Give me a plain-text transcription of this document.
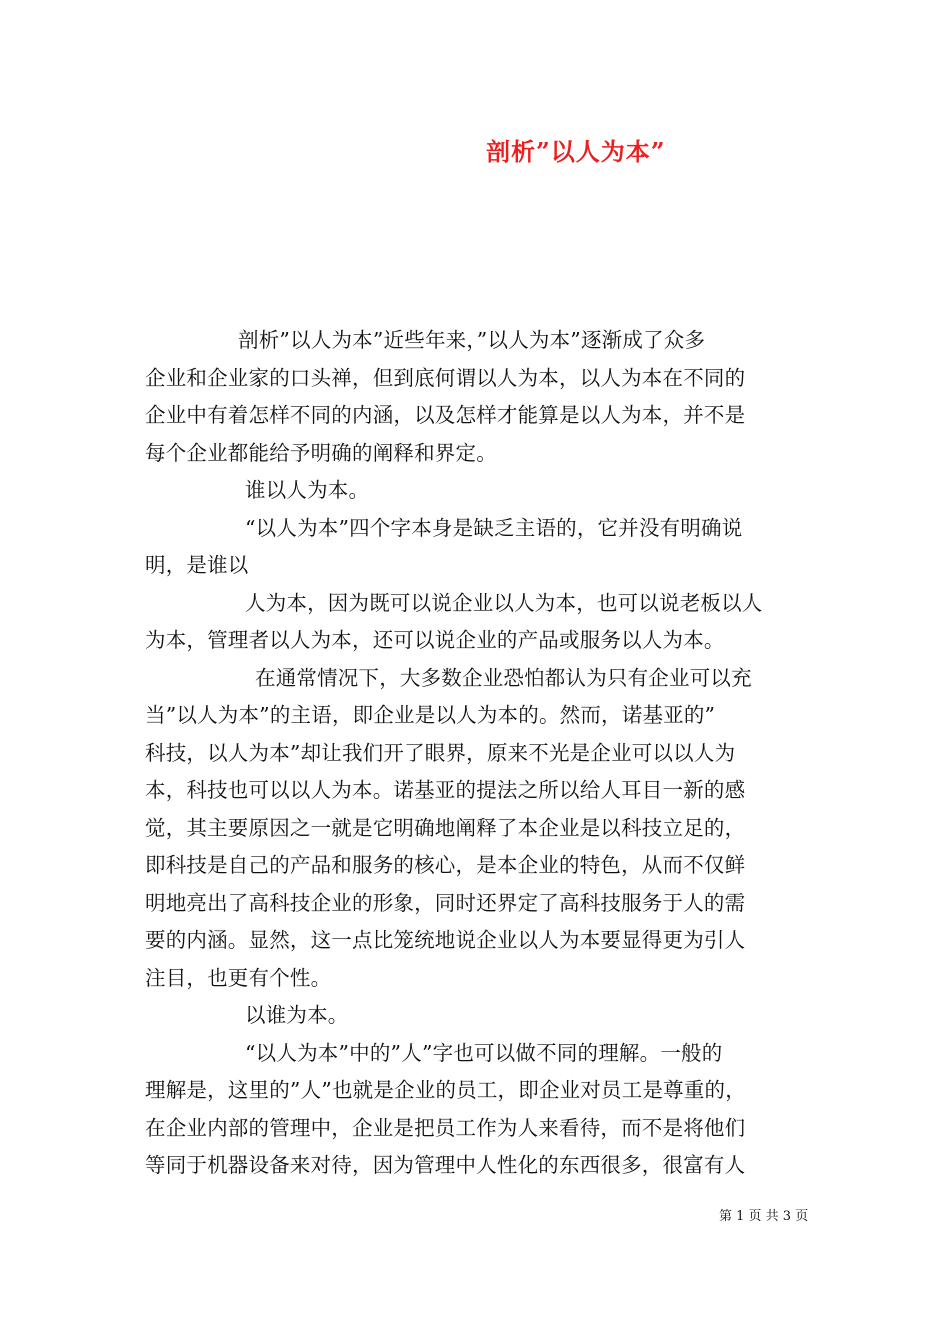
剖析”以人为本”
剖析”以人为本”近些年来，”以人为本”逐渐成了众多
企业和企业家的口头禅，但到底何谓以人为本，以人为本在不同的
企业中有着怎样不同的内涵，以及怎样才能算是以人为本，并不是
每个企业都能给予明确的阐释和界定。
谁以人为本。
“以人为本”四个字本身是缺乏主语的，它并没有明确说
明，是谁以
人为本，因为既可以说企业以人为本，也可以说老板以人
为本，管理者以人为本，还可以说企业的产品或服务以人为本。
在通常情况下，大多数企业恐怕都认为只有企业可以充
当”以人为本”的主语，即企业是以人为本的。然而，诺基亚的”
科技，以人为本”却让我们开了眼界，原来不光是企业可以以人为
本，科技也可以以人为本。诺基亚的提法之所以给人耳目一新的感
觉，其主要原因之一就是它明确地阐释了本企业是以科技立足的，
即科技是自己的产品和服务的核心，是本企业的特色，从而不仅鲜
明地亮出了高科技企业的形象，同时还界定了高科技服务于人的需
要的内涵。显然，这一点比笼统地说企业以人为本要显得更为引人
注目，也更有个性。
以谁为本。
“以人为本”中的”人”字也可以做不同的理解。一般的
理解是，这里的”人”也就是企业的员工，即企业对员工是尊重的，
在企业内部的管理中，企业是把员工作为人来看待，而不是将他们
等同于机器设备来对待，因为管理中人性化的东西很多，很富有人
第 1 页 共 3 页
